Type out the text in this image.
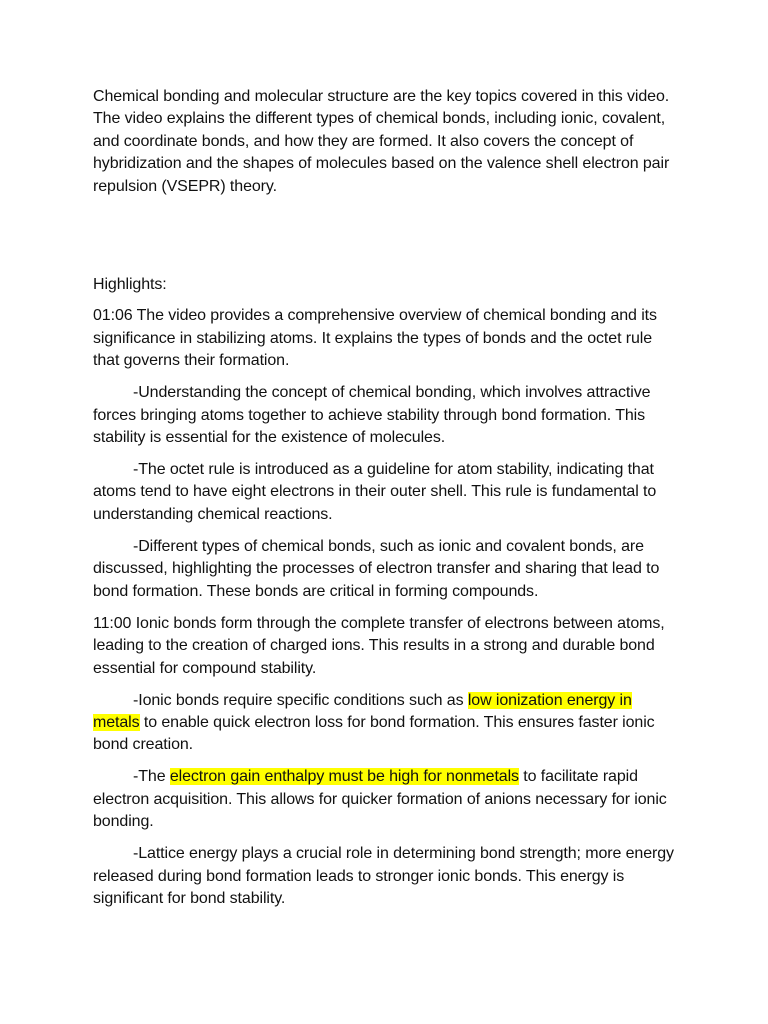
Chemical bonding and molecular structure are the key topics covered in this video. The video explains the different types of chemical bonds, including ionic, covalent, and coordinate bonds, and how they are formed. It also covers the concept of hybridization and the shapes of molecules based on the valence shell electron pair repulsion (VSEPR) theory.

Highlights:

01:06 The video provides a comprehensive overview of chemical bonding and its significance in stabilizing atoms. It explains the types of bonds and the octet rule that governs their formation.

-Understanding the concept of chemical bonding, which involves attractive forces bringing atoms together to achieve stability through bond formation. This stability is essential for the existence of molecules.

-The octet rule is introduced as a guideline for atom stability, indicating that atoms tend to have eight electrons in their outer shell. This rule is fundamental to understanding chemical reactions.

-Different types of chemical bonds, such as ionic and covalent bonds, are discussed, highlighting the processes of electron transfer and sharing that lead to bond formation. These bonds are critical in forming compounds.

11:00 Ionic bonds form through the complete transfer of electrons between atoms, leading to the creation of charged ions. This results in a strong and durable bond essential for compound stability.

-Ionic bonds require specific conditions such as low ionization energy in metals to enable quick electron loss for bond formation. This ensures faster ionic bond creation.

-The electron gain enthalpy must be high for nonmetals to facilitate rapid electron acquisition. This allows for quicker formation of anions necessary for ionic bonding.

-Lattice energy plays a crucial role in determining bond strength; more energy released during bond formation leads to stronger ionic bonds. This energy is significant for bond stability.
